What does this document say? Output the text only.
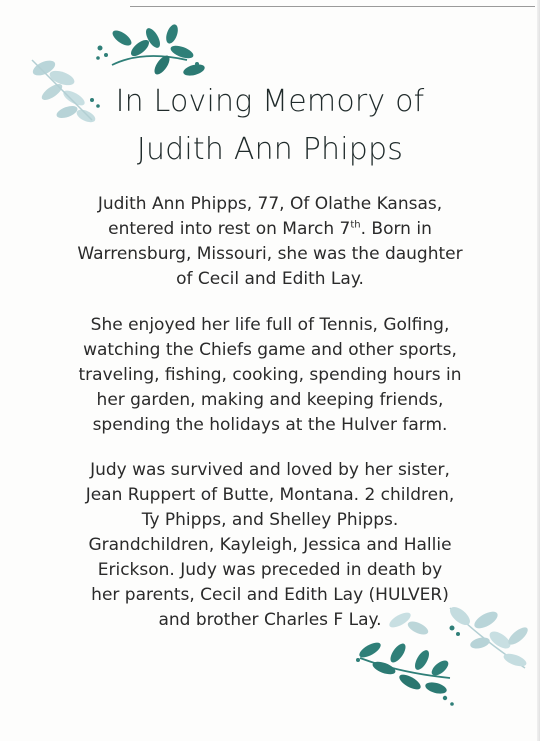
In Loving Memory of
Judith Ann Phipps
Judith Ann Phipps, 77, Of Olathe Kansas,
entered into rest on March 7th. Born in
Warrensburg, Missouri, she was the daughter
of Cecil and Edith Lay.
She enjoyed her life full of Tennis, Golfing,
watching the Chiefs game and other sports,
traveling, fishing, cooking, spending hours in
her garden, making and keeping friends,
spending the holidays at the Hulver farm.
Judy was survived and loved by her sister,
Jean Ruppert of Butte, Montana. 2 children,
Ty Phipps, and Shelley Phipps.
Grandchildren, Kayleigh, Jessica and Hallie
Erickson. Judy was preceded in death by
her parents, Cecil and Edith Lay (HULVER)
and brother Charles F Lay.
